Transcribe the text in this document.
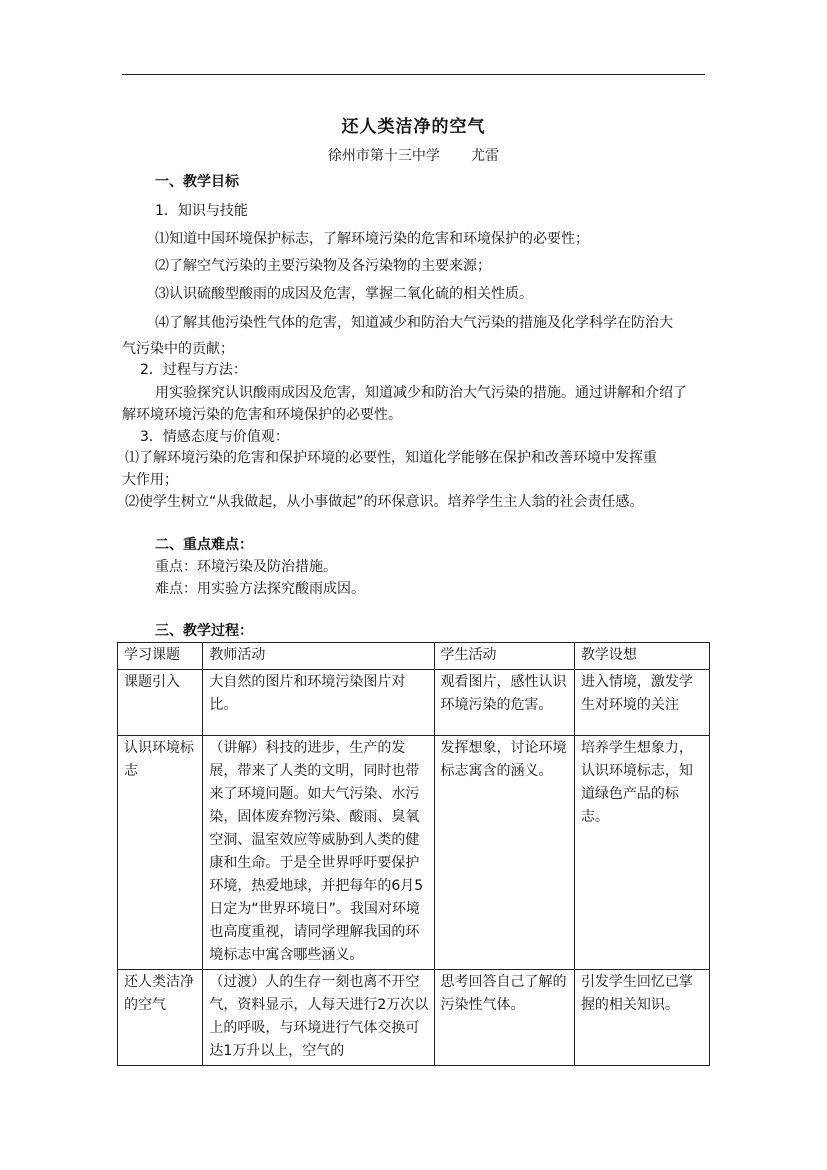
还人类洁净的空气
徐州市第十三中学       尤雷
一、教学目标
1．知识与技能
⑴知道中国环境保护标志，了解环境污染的危害和环境保护的必要性；
⑵了解空气污染的主要污染物及各污染物的主要来源；
⑶认识硫酸型酸雨的成因及危害，掌握二氧化硫的相关性质。
⑷了解其他污染性气体的危害，知道减少和防治大气污染的措施及化学科学在防治大
气污染中的贡献；
2．过程与方法：
用实验探究认识酸雨成因及危害，知道减少和防治大气污染的措施。通过讲解和介绍了
解环境环境污染的危害和环境保护的必要性。
3．情感态度与价值观：
⑴了解环境污染的危害和保护环境的必要性，知道化学能够在保护和改善环境中发挥重
大作用；
⑵使学生树立“从我做起，从小事做起”的环保意识。培养学生主人翁的社会责任感。
二、重点难点：
重点：环境污染及防治措施。
难点：用实验方法探究酸雨成因。
三、教学过程：
学习课题	教师活动	学生活动	教学设想
课题引入	大自然的图片和环境污染图片对比。	观看图片，感性认识环境污染的危害。	进入情境，激发学生对环境的关注
认识环境标志	（讲解）科技的进步，生产的发展，带来了人类的文明，同时也带来了环境问题。如大气污染、水污染，固体废弃物污染、酸雨、臭氧空洞、温室效应等威胁到人类的健康和生命。于是全世界呼吁要保护环境，热爱地球，并把每年的6月5日定为“世界环境日”。我国对环境也高度重视，请同学理解我国的环境标志中寓含哪些涵义。	发挥想象，讨论环境标志寓含的涵义。	培养学生想象力，认识环境标志，知道绿色产品的标志。
还人类洁净的空气	（过渡）人的生存一刻也离不开空气，资料显示，人每天进行2万次以上的呼吸，与环境进行气体交换可达1万升以上，空气的	思考回答自己了解的污染性气体。	引发学生回忆已掌握的相关知识。
